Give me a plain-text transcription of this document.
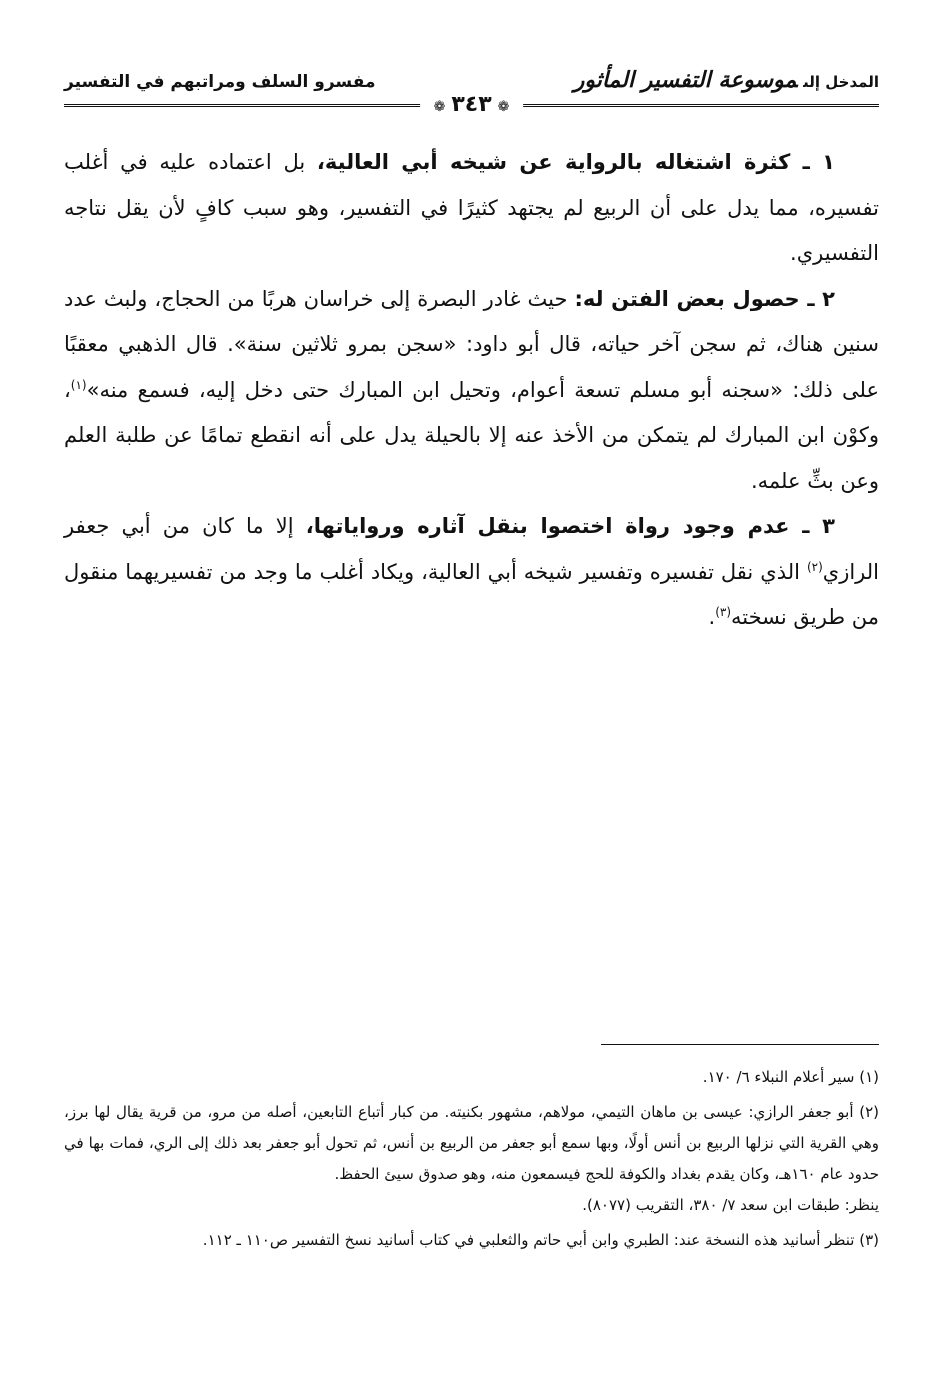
المدخل إلىموسوعة التفسير المأثور
مفسرو السلف ومراتبهم في التفسير
❁٣٤٣❁

١ ـ كثرة اشتغاله بالرواية عن شيخه أبي العالية، بل اعتماده عليه في أغلب تفسيره، مما يدل على أن الربيع لم يجتهد كثيرًا في التفسير، وهو سبب كافٍ لأن يقل نتاجه التفسيري.

٢ ـ حصول بعض الفتن له: حيث غادر البصرة إلى خراسان هربًا من الحجاج، ولبث عدد سنين هناك، ثم سجن آخر حياته، قال أبو داود: «سجن بمرو ثلاثين سنة». قال الذهبي معقبًا على ذلك: «سجنه أبو مسلم تسعة أعوام، وتحيل ابن المبارك حتى دخل إليه، فسمع منه»$^{(١)}$، وكوْن ابن المبارك لم يتمكن من الأخذ عنه إلا بالحيلة يدل على أنه انقطع تمامًا عن طلبة العلم وعن بثِّ علمه.

٣ ـ عدم وجود رواة اختصوا بنقل آثاره ورواياتها، إلا ما كان من أبي جعفر الرازي$^{(٢)}$ الذي نقل تفسيره وتفسير شيخه أبي العالية، ويكاد أغلب ما وجد من تفسيريهما منقول من طريق نسخته$^{(٣)}$.

(١) سير أعلام النبلاء ٦/ ١٧٠.

(٢) أبو جعفر الرازي: عيسى بن ماهان التيمي، مولاهم، مشهور بكنيته. من كبار أتباع التابعين، أصله من مرو، من قرية يقال لها برز، وهي القرية التي نزلها الربيع بن أنس أولًا، وبها سمع أبو جعفر من الربيع بن أنس، ثم تحول أبو جعفر بعد ذلك إلى الري، فمات بها في حدود عام ١٦٠هـ، وكان يقدم بغداد والكوفة للحج فيسمعون منه، وهو صدوق سيئ الحفظ.

ينظر: طبقات ابن سعد ٧/ ٣٨٠، التقريب (٨٠٧٧).

(٣) تنظر أسانيد هذه النسخة عند: الطبري وابن أبي حاتم والثعلبي في كتاب أسانيد نسخ التفسير ص١١٠ ـ ١١٢.
